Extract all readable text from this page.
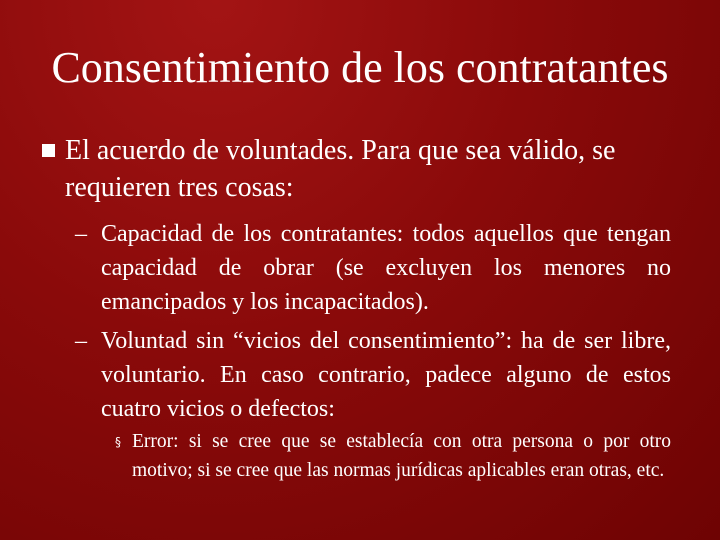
Consentimiento de los contratantes
El acuerdo de voluntades. Para que sea válido, se requieren tres cosas:
– Capacidad de los contratantes: todos aquellos que tengan capacidad de obrar (se excluyen los menores no emancipados y los incapacitados).
– Voluntad sin “vicios del consentimiento”: ha de ser libre, voluntario. En caso contrario, padece alguno de estos cuatro vicios o defectos:
§ Error: si se cree que se establecía con otra persona o por otro motivo; si se cree que las normas jurídicas aplicables eran otras, etc.
